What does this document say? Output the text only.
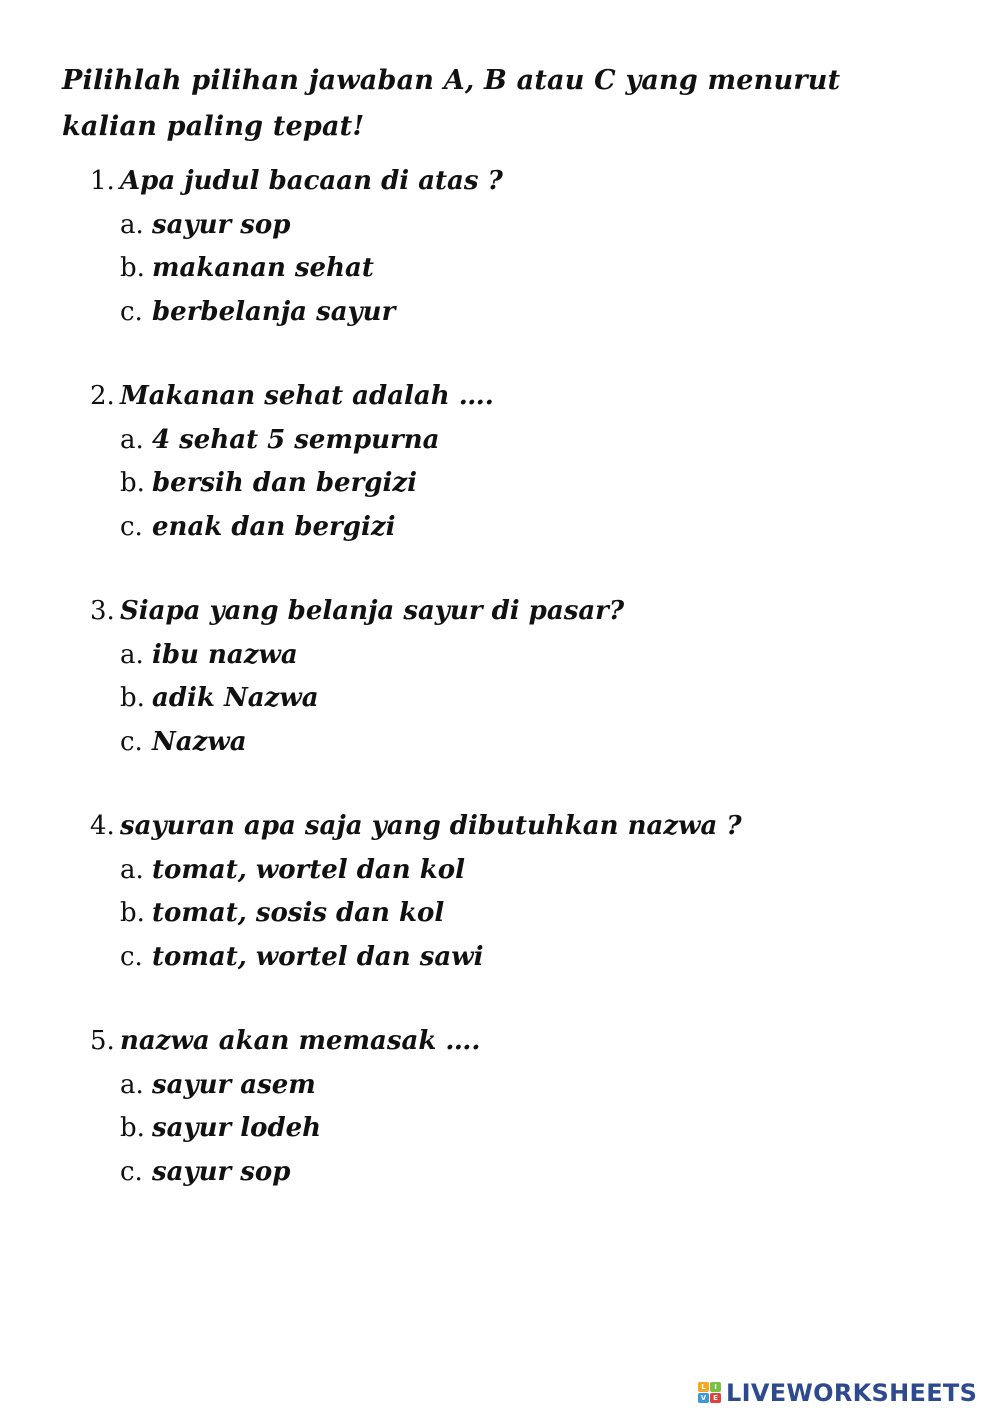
Pilihlah pilihan jawaban A, B atau C yang menurut kalian paling tepat!
1. Apa judul bacaan di atas ?
a. sayur sop
b. makanan sehat
c. berbelanja sayur
2. Makanan sehat adalah ….
a. 4 sehat 5 sempurna
b. bersih dan bergizi
c. enak dan bergizi
3. Siapa yang belanja sayur di pasar?
a. ibu nazwa
b. adik Nazwa
c. Nazwa
4. sayuran apa saja yang dibutuhkan nazwa ?
a. tomat, wortel dan kol
b. tomat, sosis dan kol
c. tomat, wortel dan sawi
5. nazwa akan memasak ….
a. sayur asem
b. sayur lodeh
c. sayur sop
L	I
V E LIVEWORKSHEETS
